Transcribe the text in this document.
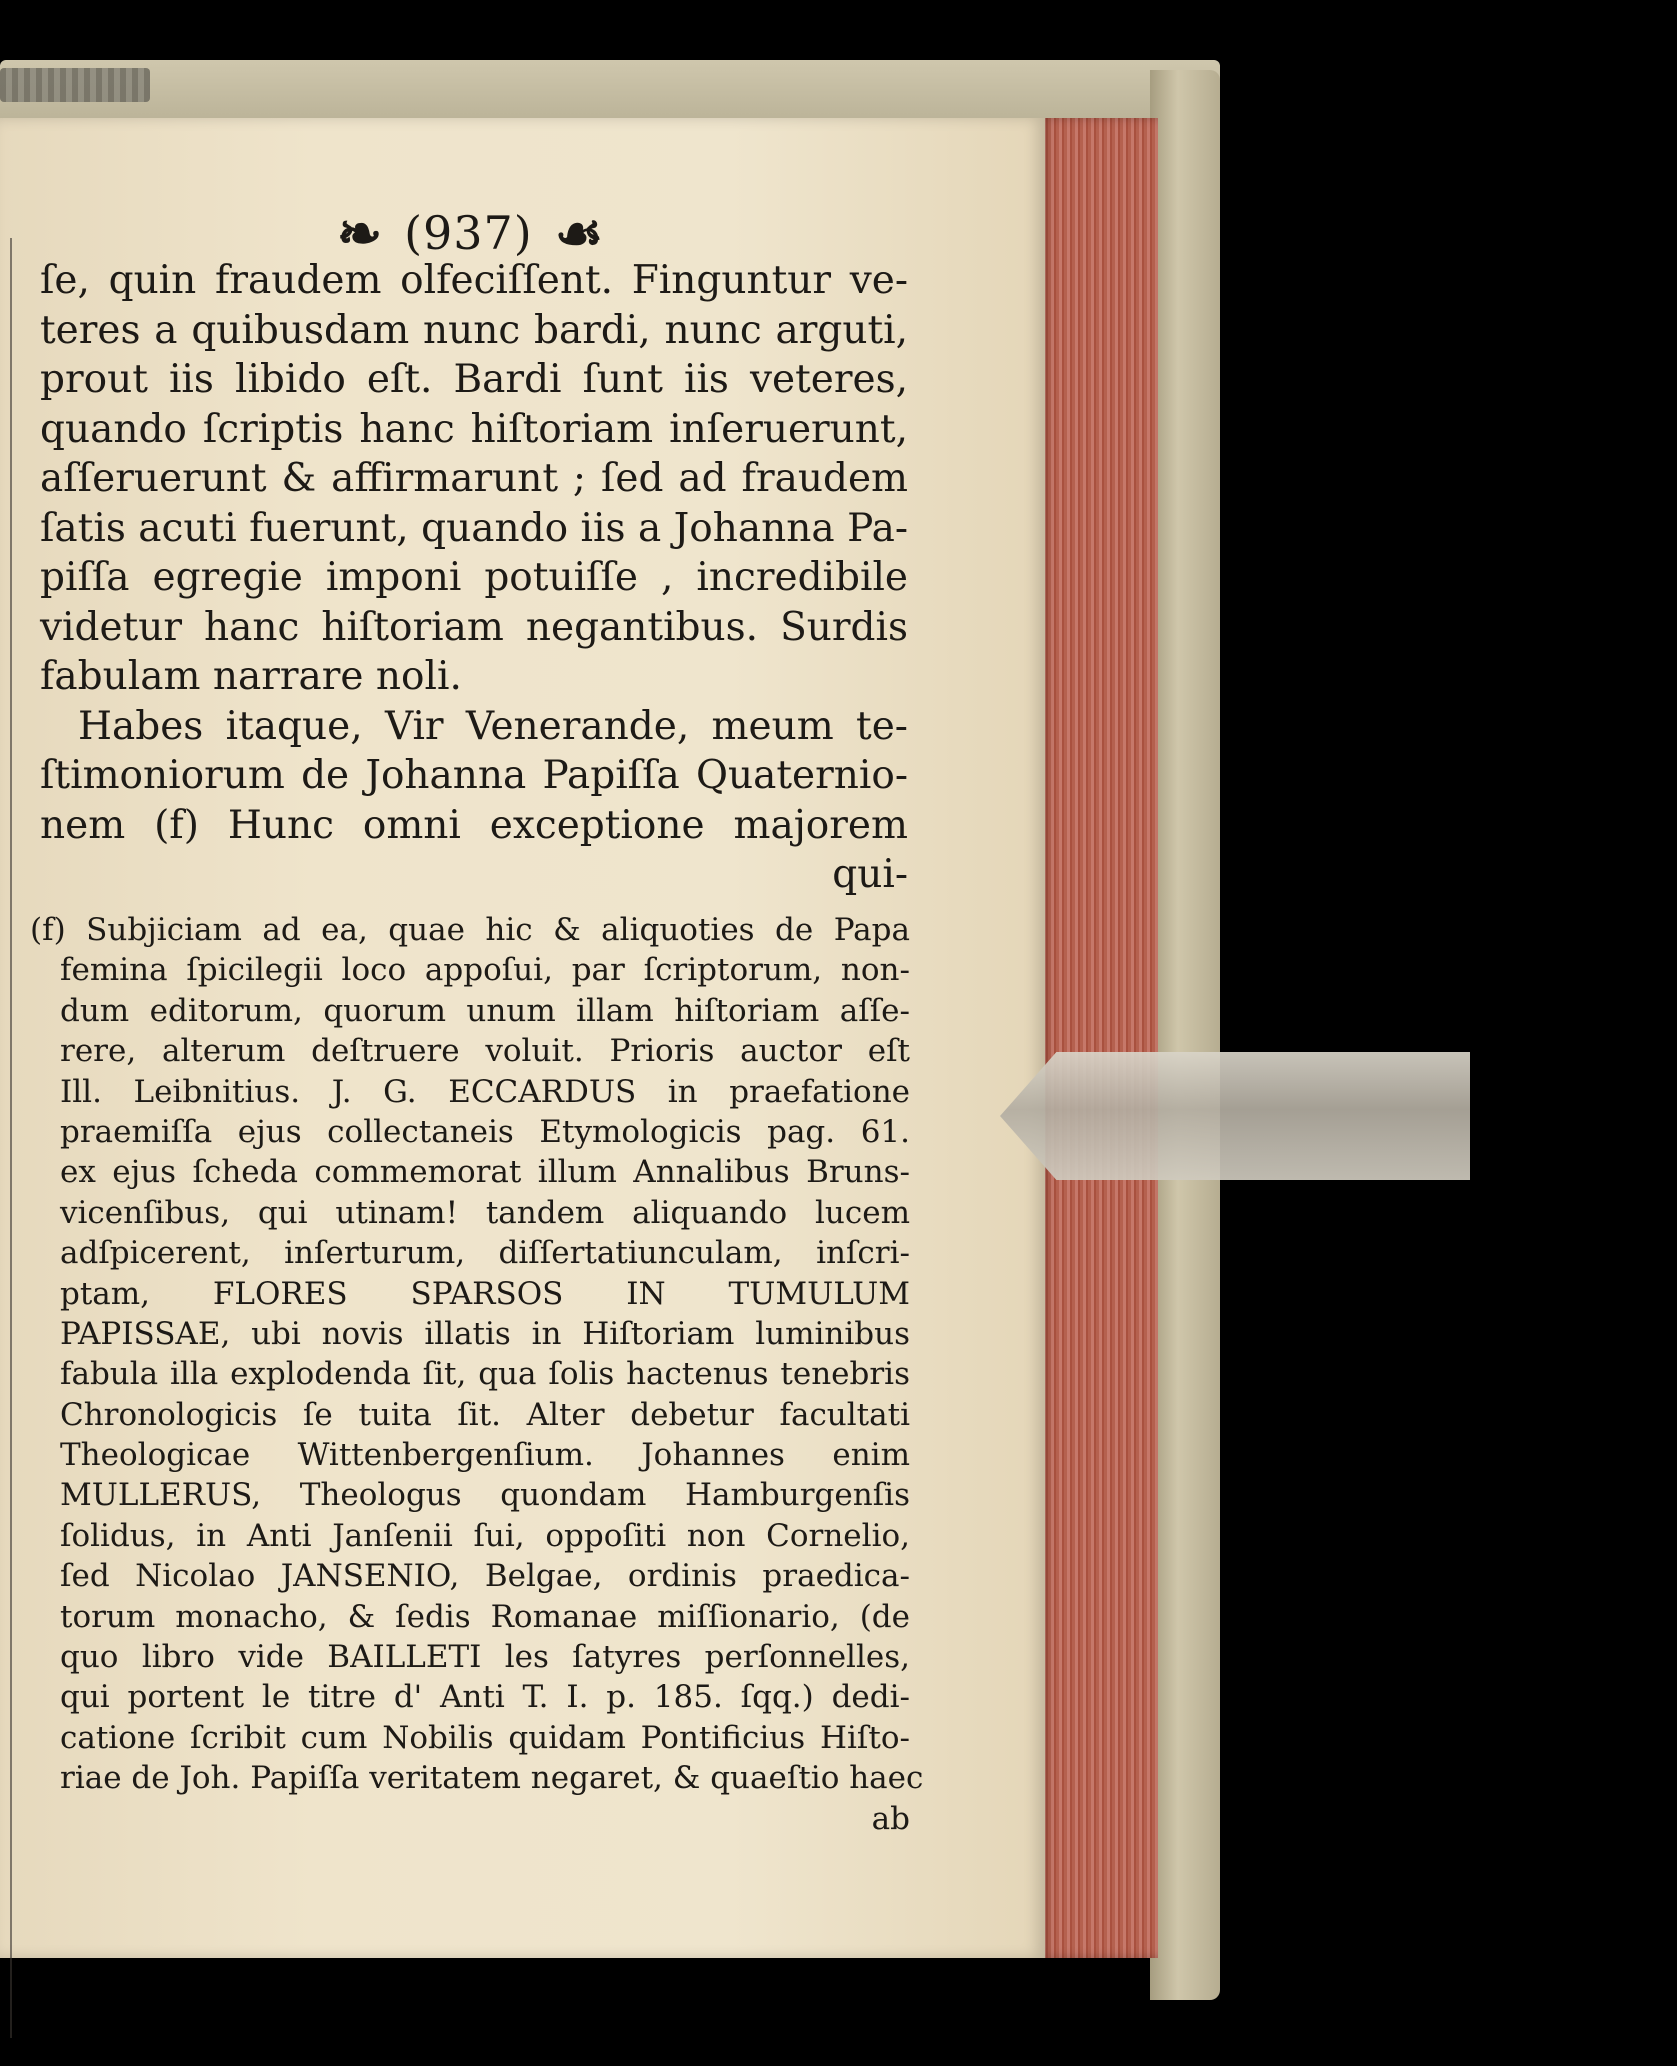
❧ (937) ☙
ſe, quin fraudem olfeciſſent. Finguntur ve-
teres a quibusdam nunc bardi, nunc arguti,
prout iis libido eſt. Bardi ſunt iis veteres,
quando ſcriptis hanc hiſtoriam inſeruerunt,
aſſeruerunt & affirmarunt ; ſed ad fraudem
ſatis acuti fuerunt, quando iis a Johanna Pa-
piſſa egregie imponi potuiſſe , incredibile
videtur hanc hiſtoriam negantibus. Surdis
fabulam narrare noli.
Habes itaque, Vir Venerande, meum te-
ſtimoniorum de Johanna Papiſſa Quaternio-
nem (f) Hunc omni exceptione majorem
qui-
(f) Subjiciam ad ea, quae hic & aliquoties de Papa
femina ſpicilegii loco appoſui, par ſcriptorum, non-
dum editorum, quorum unum illam hiſtoriam aſſe-
rere, alterum deſtruere voluit. Prioris auctor eſt
Ill. Leibnitius. J. G. ECCARDUS in praefatione
praemiſſa ejus collectaneis Etymologicis pag. 61.
ex ejus ſcheda commemorat illum Annalibus Bruns-
vicenſibus, qui utinam! tandem aliquando lucem
adſpicerent, inſerturum, diſſertatiunculam, inſcri-
ptam, FLORES SPARSOS IN TUMULUM
PAPISSAE, ubi novis illatis in Hiſtoriam luminibus
fabula illa explodenda ſit, qua ſolis hactenus tenebris
Chronologicis ſe tuita ſit. Alter debetur facultati
Theologicae Wittenbergenſium. Johannes enim
MULLERUS, Theologus quondam Hamburgenſis
ſolidus, in Anti Janſenii ſui, oppoſiti non Cornelio,
ſed Nicolao JANSENIO, Belgae, ordinis praedica-
torum monacho, & ſedis Romanae miſſionario, (de
quo libro vide BAILLETI les ſatyres perſonnelles,
qui portent le titre d' Anti T. I. p. 185. ſqq.) dedi-
catione ſcribit cum Nobilis quidam Pontificius Hiſto-
riae de Joh. Papiſſa veritatem negaret, & quaeſtio haec
ab
